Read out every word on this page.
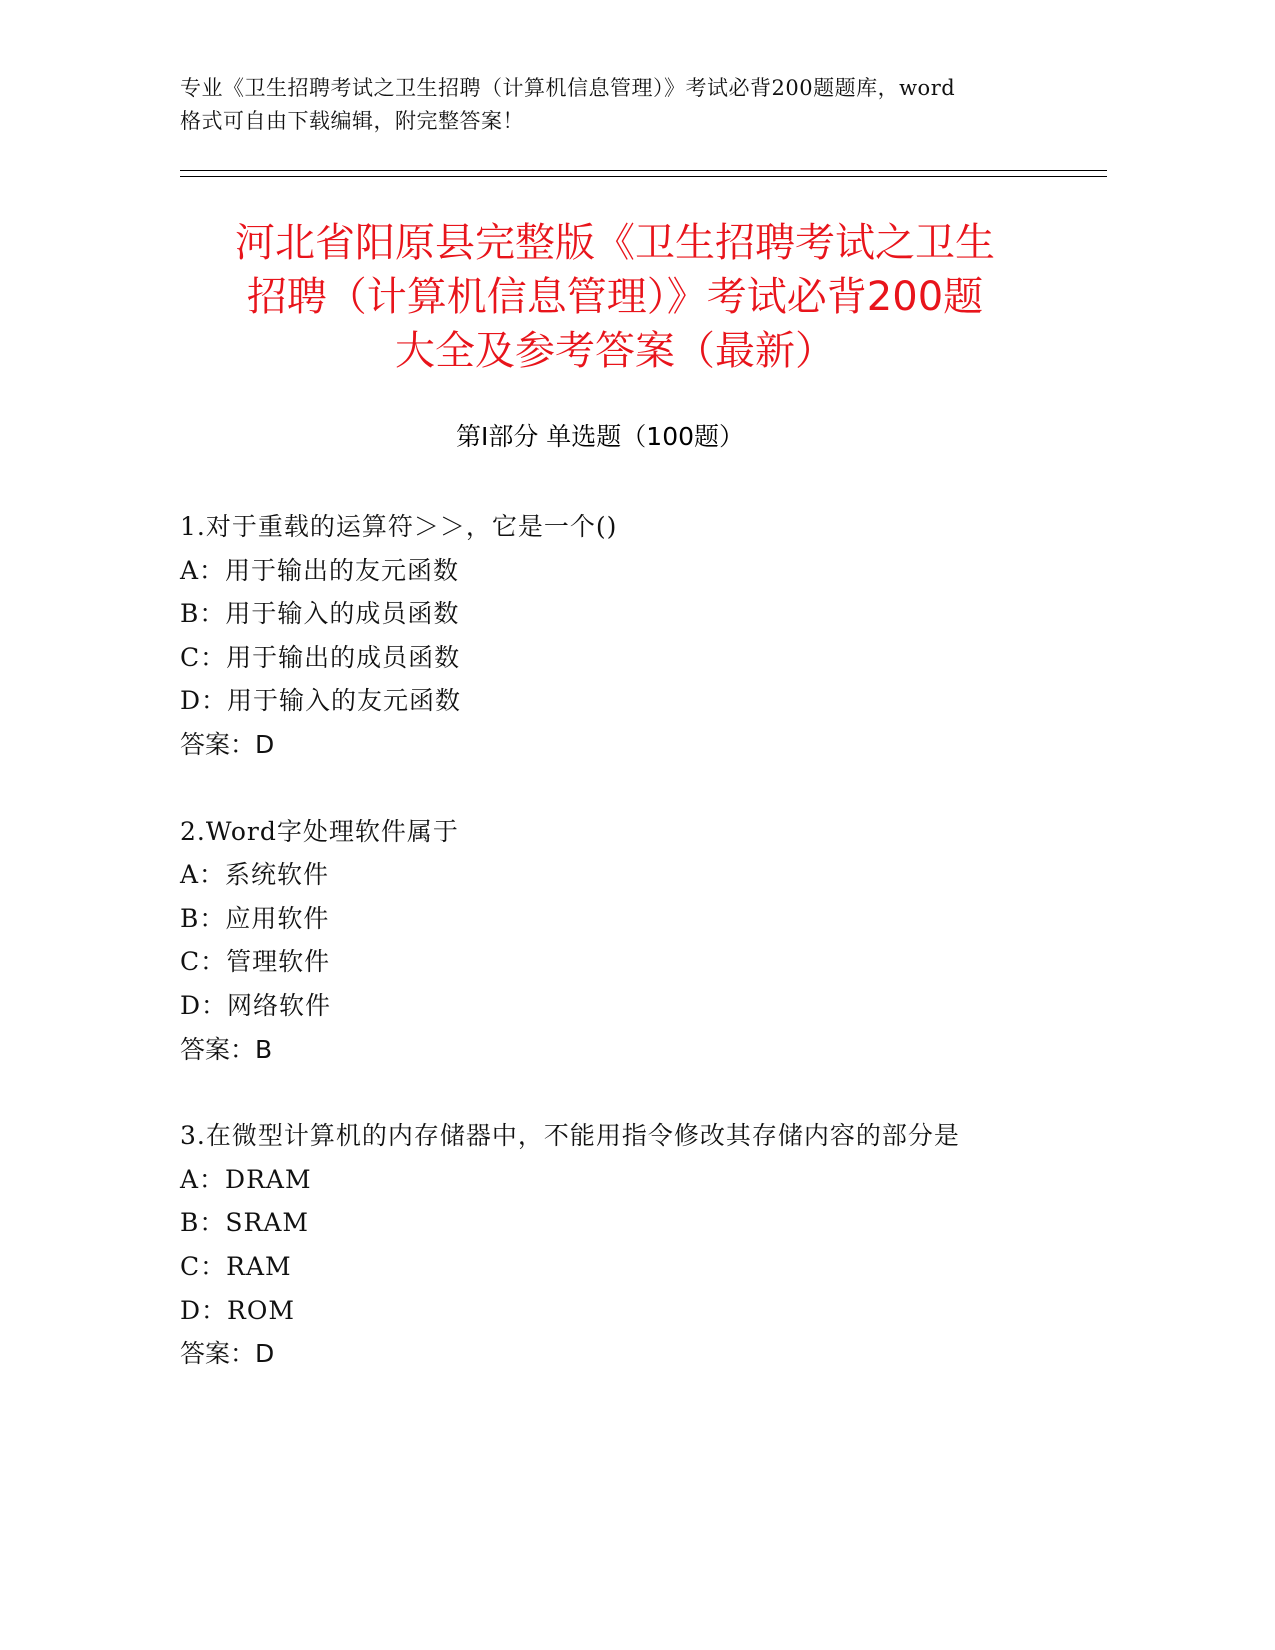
专业《卫生招聘考试之卫生招聘（计算机信息管理）》考试必背200题题库，word
格式可自由下载编辑，附完整答案！
河北省阳原县完整版《卫生招聘考试之卫生
招聘（计算机信息管理）》考试必背200题
大全及参考答案（最新）
第Ⅰ部分 单选题（100题）
1.对于重载的运算符＞＞，它是一个()
A：用于输出的友元函数
B：用于输入的成员函数
C：用于输出的成员函数
D：用于输入的友元函数
答案：D
2.Word字处理软件属于
A：系统软件
B：应用软件
C：管理软件
D：网络软件
答案：B
3.在微型计算机的内存储器中，不能用指令修改其存储内容的部分是
A：DRAM
B：SRAM
C：RAM
D：ROM
答案：D
